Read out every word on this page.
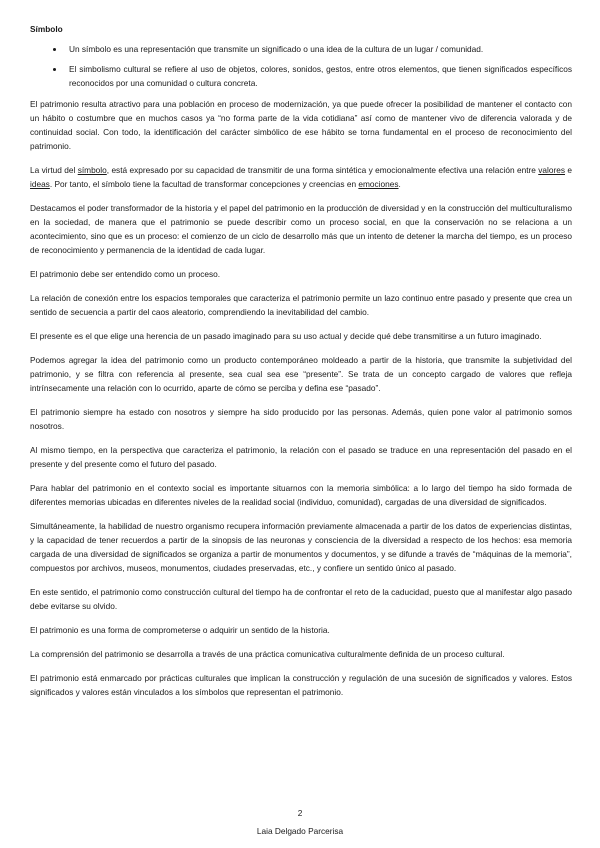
Símbolo
• Un símbolo es una representación que transmite un significado o una idea de la cultura de un lugar / comunidad.
• El simbolismo cultural se refiere al uso de objetos, colores, sonidos, gestos, entre otros elementos, que tienen significados específicos reconocidos por una comunidad o cultura concreta.

El patrimonio resulta atractivo para una población en proceso de modernización, ya que puede ofrecer la posibilidad de mantener el contacto con un hábito o costumbre que en muchos casos ya “no forma parte de la vida cotidiana” así como de mantener vivo de diferencia valorada y de continuidad social. Con todo, la identificación del carácter simbólico de ese hábito se torna fundamental en el proceso de reconocimiento del patrimonio.

La virtud del símbolo, está expresado por su capacidad de transmitir de una forma sintética y emocionalmente efectiva una relación entre valores e ideas. Por tanto, el símbolo tiene la facultad de transformar concepciones y creencias en emociones.

Destacamos el poder transformador de la historia y el papel del patrimonio en la producción de diversidad y en la construcción del multiculturalismo en la sociedad, de manera que el patrimonio se puede describir como un proceso social, en que la conservación no se relaciona a un acontecimiento, sino que es un proceso: el comienzo de un ciclo de desarrollo más que un intento de detener la marcha del tiempo, es un proceso de reconocimiento y permanencia de la identidad de cada lugar.

El patrimonio debe ser entendido como un proceso.

La relación de conexión entre los espacios temporales que caracteriza el patrimonio permite un lazo continuo entre pasado y presente que crea un sentido de secuencia a partir del caos aleatorio, comprendiendo la inevitabilidad del cambio.

El presente es el que elige una herencia de un pasado imaginado para su uso actual y decide qué debe transmitirse a un futuro imaginado.

Podemos agregar la idea del patrimonio como un producto contemporáneo moldeado a partir de la historia, que transmite la subjetividad del patrimonio, y se filtra con referencia al presente, sea cual sea ese “presente”. Se trata de un concepto cargado de valores que refleja intrínsecamente una relación con lo ocurrido, aparte de cómo se perciba y defina ese “pasado”.

El patrimonio siempre ha estado con nosotros y siempre ha sido producido por las personas. Además, quien pone valor al patrimonio somos nosotros.

Al mismo tiempo, en la perspectiva que caracteriza el patrimonio, la relación con el pasado se traduce en una representación del pasado en el presente y del presente como el futuro del pasado.

Para hablar del patrimonio en el contexto social es importante situarnos con la memoria simbólica: a lo largo del tiempo ha sido formada de diferentes memorias ubicadas en diferentes niveles de la realidad social (individuo, comunidad), cargadas de una diversidad de significados.

Simultáneamente, la habilidad de nuestro organismo recupera información previamente almacenada a partir de los datos de experiencias distintas, y la capacidad de tener recuerdos a partir de la sinopsis de las neuronas y consciencia de la diversidad a respecto de los hechos: esa memoria cargada de una diversidad de significados se organiza a partir de monumentos y documentos, y se difunde a través de “máquinas de la memoria”, compuestos por archivos, museos, monumentos, ciudades preservadas, etc., y confiere un sentido único al pasado.

En este sentido, el patrimonio como construcción cultural del tiempo ha de confrontar el reto de la caducidad, puesto que al manifestar algo pasado debe evitarse su olvido.

El patrimonio es una forma de comprometerse o adquirir un sentido de la historia.

La comprensión del patrimonio se desarrolla a través de una práctica comunicativa culturalmente definida de un proceso cultural.

El patrimonio está enmarcado por prácticas culturales que implican la construcción y regulación de una sucesión de significados y valores. Estos significados y valores están vinculados a los símbolos que representan el patrimonio.

2
Laia Delgado Parcerisa
